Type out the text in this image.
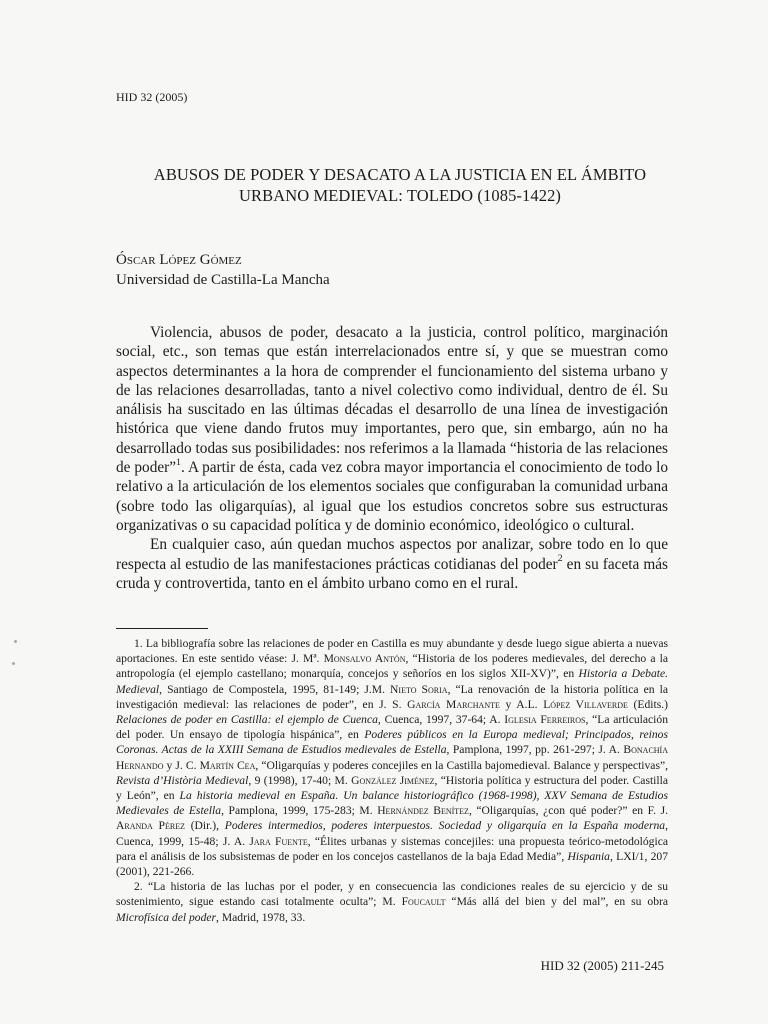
HID 32 (2005)
ABUSOS DE PODER Y DESACATO A LA JUSTICIA EN EL ÁMBITO
URBANO MEDIEVAL: TOLEDO (1085-1422)
Óscar López Gómez
Universidad de Castilla-La Mancha

Violencia, abusos de poder, desacato a la justicia, control político, marginación social, etc., son temas que están interrelacionados entre sí, y que se muestran como aspectos determinantes a la hora de comprender el funcionamiento del sistema urbano y de las relaciones desarrolladas, tanto a nivel colectivo como individual, dentro de él. Su análisis ha suscitado en las últimas décadas el desarrollo de una línea de investigación histórica que viene dando frutos muy importantes, pero que, sin embargo, aún no ha desarrollado todas sus posibilidades: nos referimos a la llamada “historia de las relaciones de poder”$^1$. A partir de ésta, cada vez cobra mayor importancia el conocimiento de todo lo relativo a la articulación de los elementos sociales que configuraban la comunidad urbana (sobre todo las oligarquías), al igual que los estudios concretos sobre sus estructuras organizativas o su capacidad política y de dominio económico, ideológico o cultural.

En cualquier caso, aún quedan muchos aspectos por analizar, sobre todo en lo que respecta al estudio de las manifestaciones prácticas cotidianas del poder$^2$ en su faceta más cruda y controvertida, tanto en el ámbito urbano como en el rural.

1. La bibliografía sobre las relaciones de poder en Castilla es muy abundante y desde luego sigue abierta a nuevas aportaciones. En este sentido véase: J. Mª. Monsalvo Antón, “Historia de los poderes medievales, del derecho a la antropología (el ejemplo castellano; monarquía, concejos y señoríos en los siglos XII-XV)”, en Historia a Debate. Medieval, Santiago de Compostela, 1995, 81-149; J.M. Nieto Soria, “La renovación de la historia política en la investigación medieval: las relaciones de poder”, en J. S. García Marchante y A.L. López Villaverde (Edits.) Relaciones de poder en Castilla: el ejemplo de Cuenca, Cuenca, 1997, 37-64; A. Iglesia Ferreiros, “La articulación del poder. Un ensayo de tipología hispánica”, en Poderes públicos en la Europa medieval; Principados, reinos Coronas. Actas de la XXIII Semana de Estudios medievales de Estella, Pamplona, 1997, pp. 261-297; J. A. Bonachía Hernando y J. C. Martín Cea, “Oligarquías y poderes concejiles en la Castilla bajomedieval. Balance y perspectivas”, Revista d’Història Medieval, 9 (1998), 17-40; M. González Jiménez, “Historia política y estructura del poder. Castilla y León”, en La historia medieval en España. Un balance historiográfico (1968-1998), XXV Semana de Estudios Medievales de Estella, Pamplona, 1999, 175-283; M. Hernández Benítez, “Oligarquías, ¿con qué poder?” en F. J. Aranda Pérez (Dir.), Poderes intermedios, poderes interpuestos. Sociedad y oligarquía en la España moderna, Cuenca, 1999, 15-48; J. A. Jara Fuente, “Élites urbanas y sistemas concejiles: una propuesta teórico-metodológica para el análisis de los subsistemas de poder en los concejos castellanos de la baja Edad Media”, Hispania, LXI/1, 207 (2001), 221-266.

2. “La historia de las luchas por el poder, y en consecuencia las condiciones reales de su ejercicio y de su sostenimiento, sigue estando casi totalmente oculta”; M. Foucault “Más allá del bien y del mal”, en su obra Microfísica del poder, Madrid, 1978, 33.

HID 32 (2005) 211-245
